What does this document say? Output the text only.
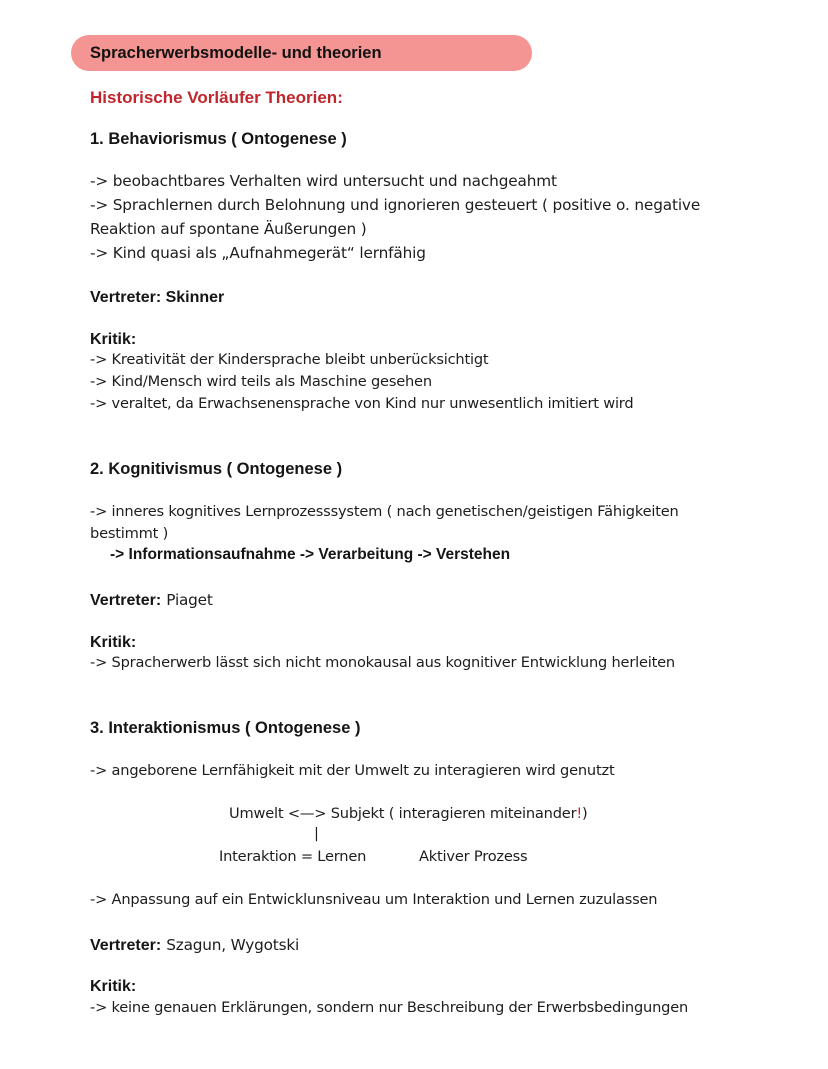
Spracherwerbsmodelle- und theorien
Historische Vorläufer Theorien:
1. Behaviorismus ( Ontogenese )
-> beobachtbares Verhalten wird untersucht und nachgeahmt
-> Sprachlernen durch Belohnung und ignorieren gesteuert ( positive o. negative
Reaktion auf spontane Äußerungen )
-> Kind quasi als „Aufnahmegerät“ lernfähig
Vertreter: Skinner
Kritik:
-> Kreativität der Kindersprache bleibt unberücksichtigt
-> Kind/Mensch wird teils als Maschine gesehen
-> veraltet, da Erwachsenensprache von Kind nur unwesentlich imitiert wird
2. Kognitivismus ( Ontogenese )
-> inneres kognitives Lernprozesssystem ( nach genetischen/geistigen Fähigkeiten
bestimmt )
-> Informationsaufnahme -> Verarbeitung -> Verstehen
Vertreter: Piaget
Kritik:
-> Spracherwerb lässt sich nicht monokausal aus kognitiver Entwicklung herleiten
3. Interaktionismus ( Ontogenese )
-> angeborene Lernfähigkeit mit der Umwelt zu interagieren wird genutzt
Umwelt <—> Subjekt ( interagieren miteinander!)
|
Interaktion = Lernen	Aktiver Prozess
-> Anpassung auf ein Entwicklunsniveau um Interaktion und Lernen zuzulassen
Vertreter: Szagun, Wygotski
Kritik:
-> keine genauen Erklärungen, sondern nur Beschreibung der Erwerbsbedingungen
